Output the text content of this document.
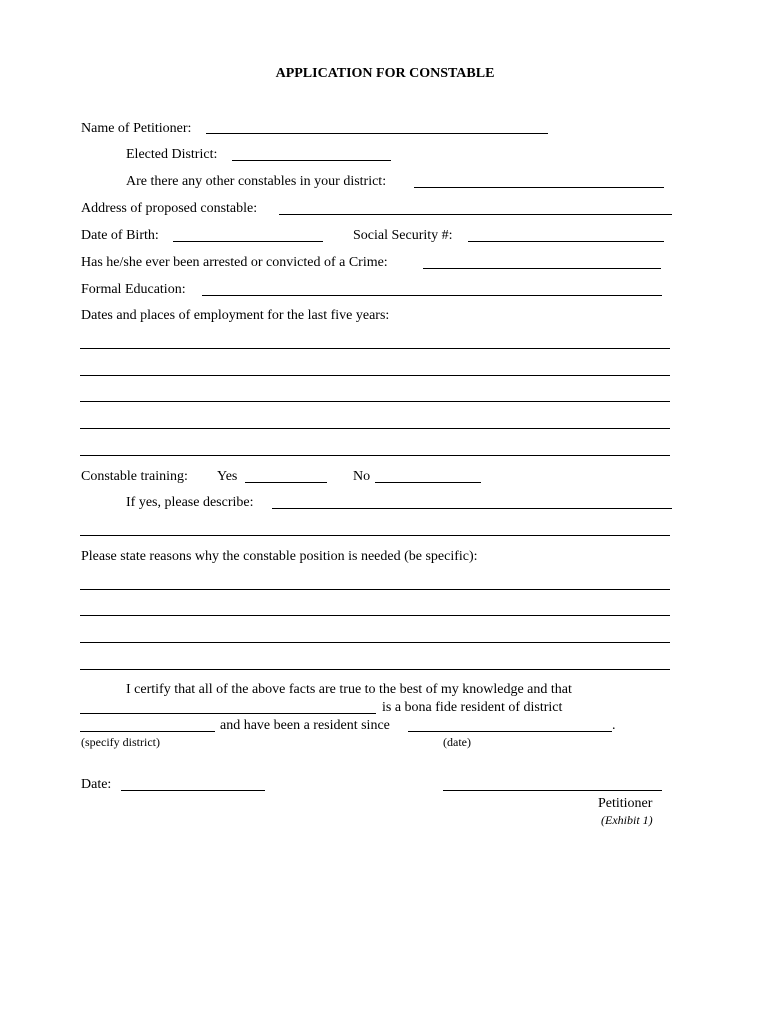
APPLICATION FOR CONSTABLE
Name of Petitioner:
Elected District:
Are there any other constables in your district:
Address of proposed constable:
Date of Birth:	Social Security #:
Has he/she ever been arrested or convicted of a Crime:
Formal Education:
Dates and places of employment for the last five years:
Constable training: Yes	No
If yes, please describe:
Please state reasons why the constable position is needed (be specific):
I certify that all of the above facts are true to the best of my knowledge and that
is a bona fide resident of district
and have been a resident since	.
(specify district)	(date)
Date:
Petitioner
(Exhibit 1)
